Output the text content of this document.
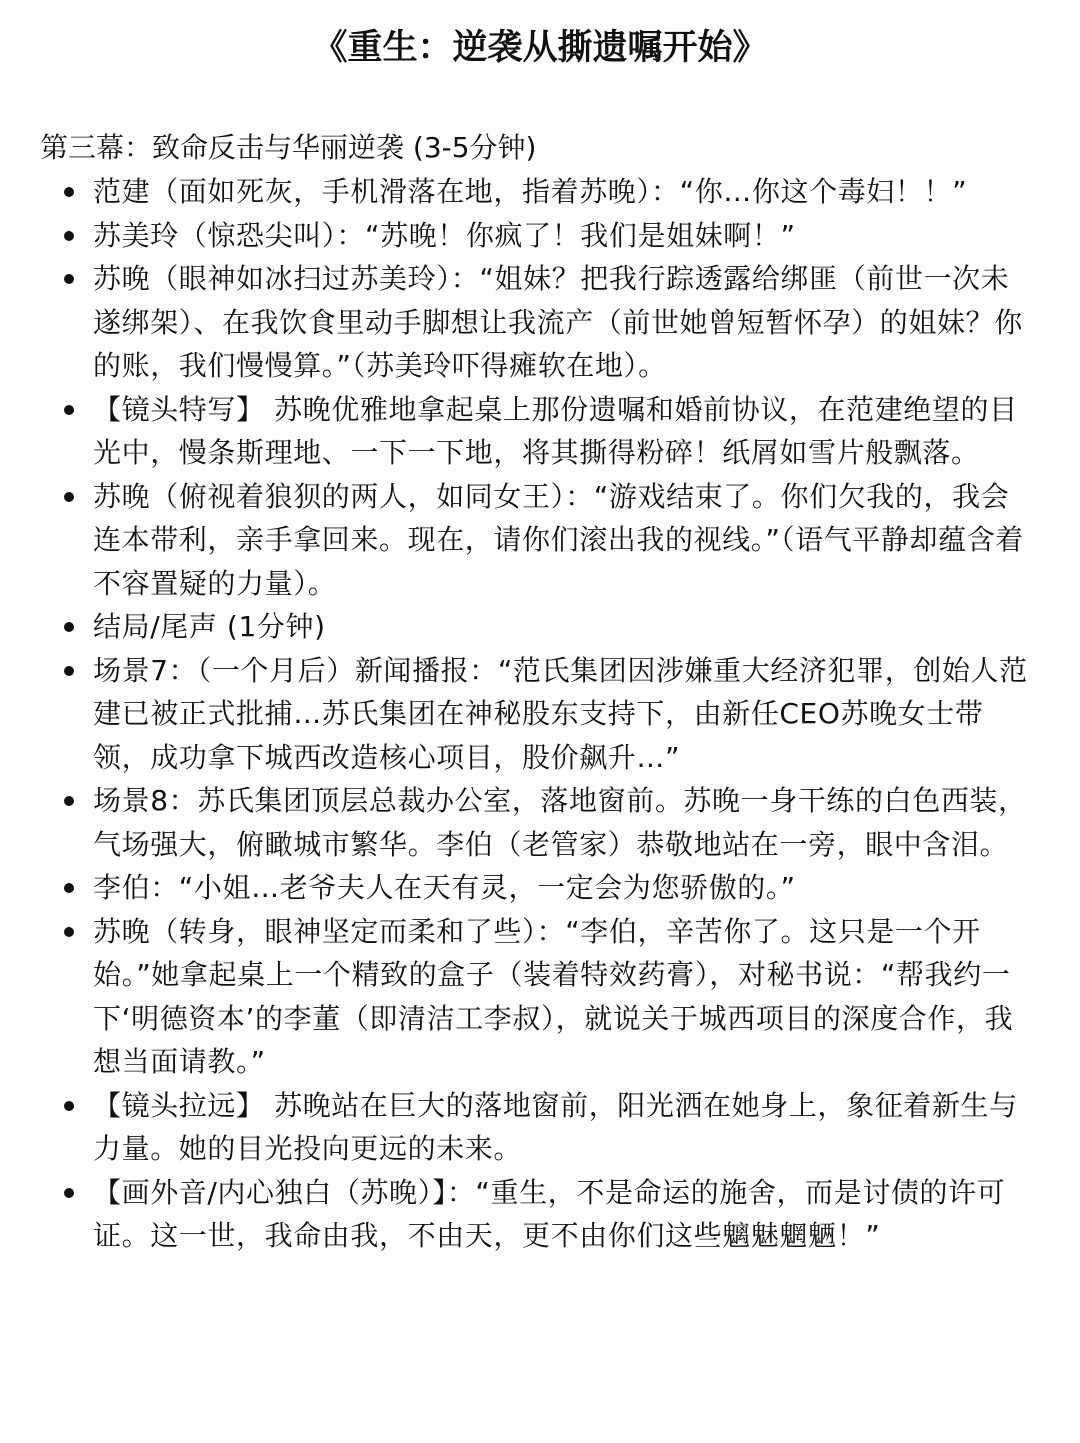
《重生：逆袭从撕遗嘱开始》

第三幕：致命反击与华丽逆袭 (3-5分钟)

范建（面如死灰，手机滑落在地，指着苏晚）：“你…你这个毒妇！！”
苏美玲（惊恐尖叫）：“苏晚！你疯了！我们是姐妹啊！”
苏晚（眼神如冰扫过苏美玲）：“姐妹？把我行踪透露给绑匪（前世一次未遂绑架）、在我饮食里动手脚想让我流产（前世她曾短暂怀孕）的姐妹？你的账，我们慢慢算。”（苏美玲吓得瘫软在地）。
【镜头特写】 苏晚优雅地拿起桌上那份遗嘱和婚前协议，在范建绝望的目光中，慢条斯理地、一下一下地，将其撕得粉碎！纸屑如雪片般飘落。
苏晚（俯视着狼狈的两人，如同女王）：“游戏结束了。你们欠我的，我会连本带利，亲手拿回来。现在，请你们滚出我的视线。”（语气平静却蕴含着不容置疑的力量）。
结局/尾声 (1分钟)
场景7：（一个月后）新闻播报：“范氏集团因涉嫌重大经济犯罪，创始人范建已被正式批捕…苏氏集团在神秘股东支持下，由新任CEO苏晚女士带领，成功拿下城西改造核心项目，股价飙升…”
场景8：苏氏集团顶层总裁办公室，落地窗前。苏晚一身干练的白色西装，气场强大，俯瞰城市繁华。李伯（老管家）恭敬地站在一旁，眼中含泪。
李伯：“小姐…老爷夫人在天有灵，一定会为您骄傲的。”
苏晚（转身，眼神坚定而柔和了些）：“李伯，辛苦你了。这只是一个开始。”她拿起桌上一个精致的盒子（装着特效药膏），对秘书说：“帮我约一下‘明德资本’的李董（即清洁工李叔），就说关于城西项目的深度合作，我想当面请教。”
【镜头拉远】 苏晚站在巨大的落地窗前，阳光洒在她身上，象征着新生与力量。她的目光投向更远的未来。
【画外音/内心独白（苏晚）】：“重生，不是命运的施舍，而是讨债的许可证。这一世，我命由我，不由天，更不由你们这些魑魅魍魉！”
